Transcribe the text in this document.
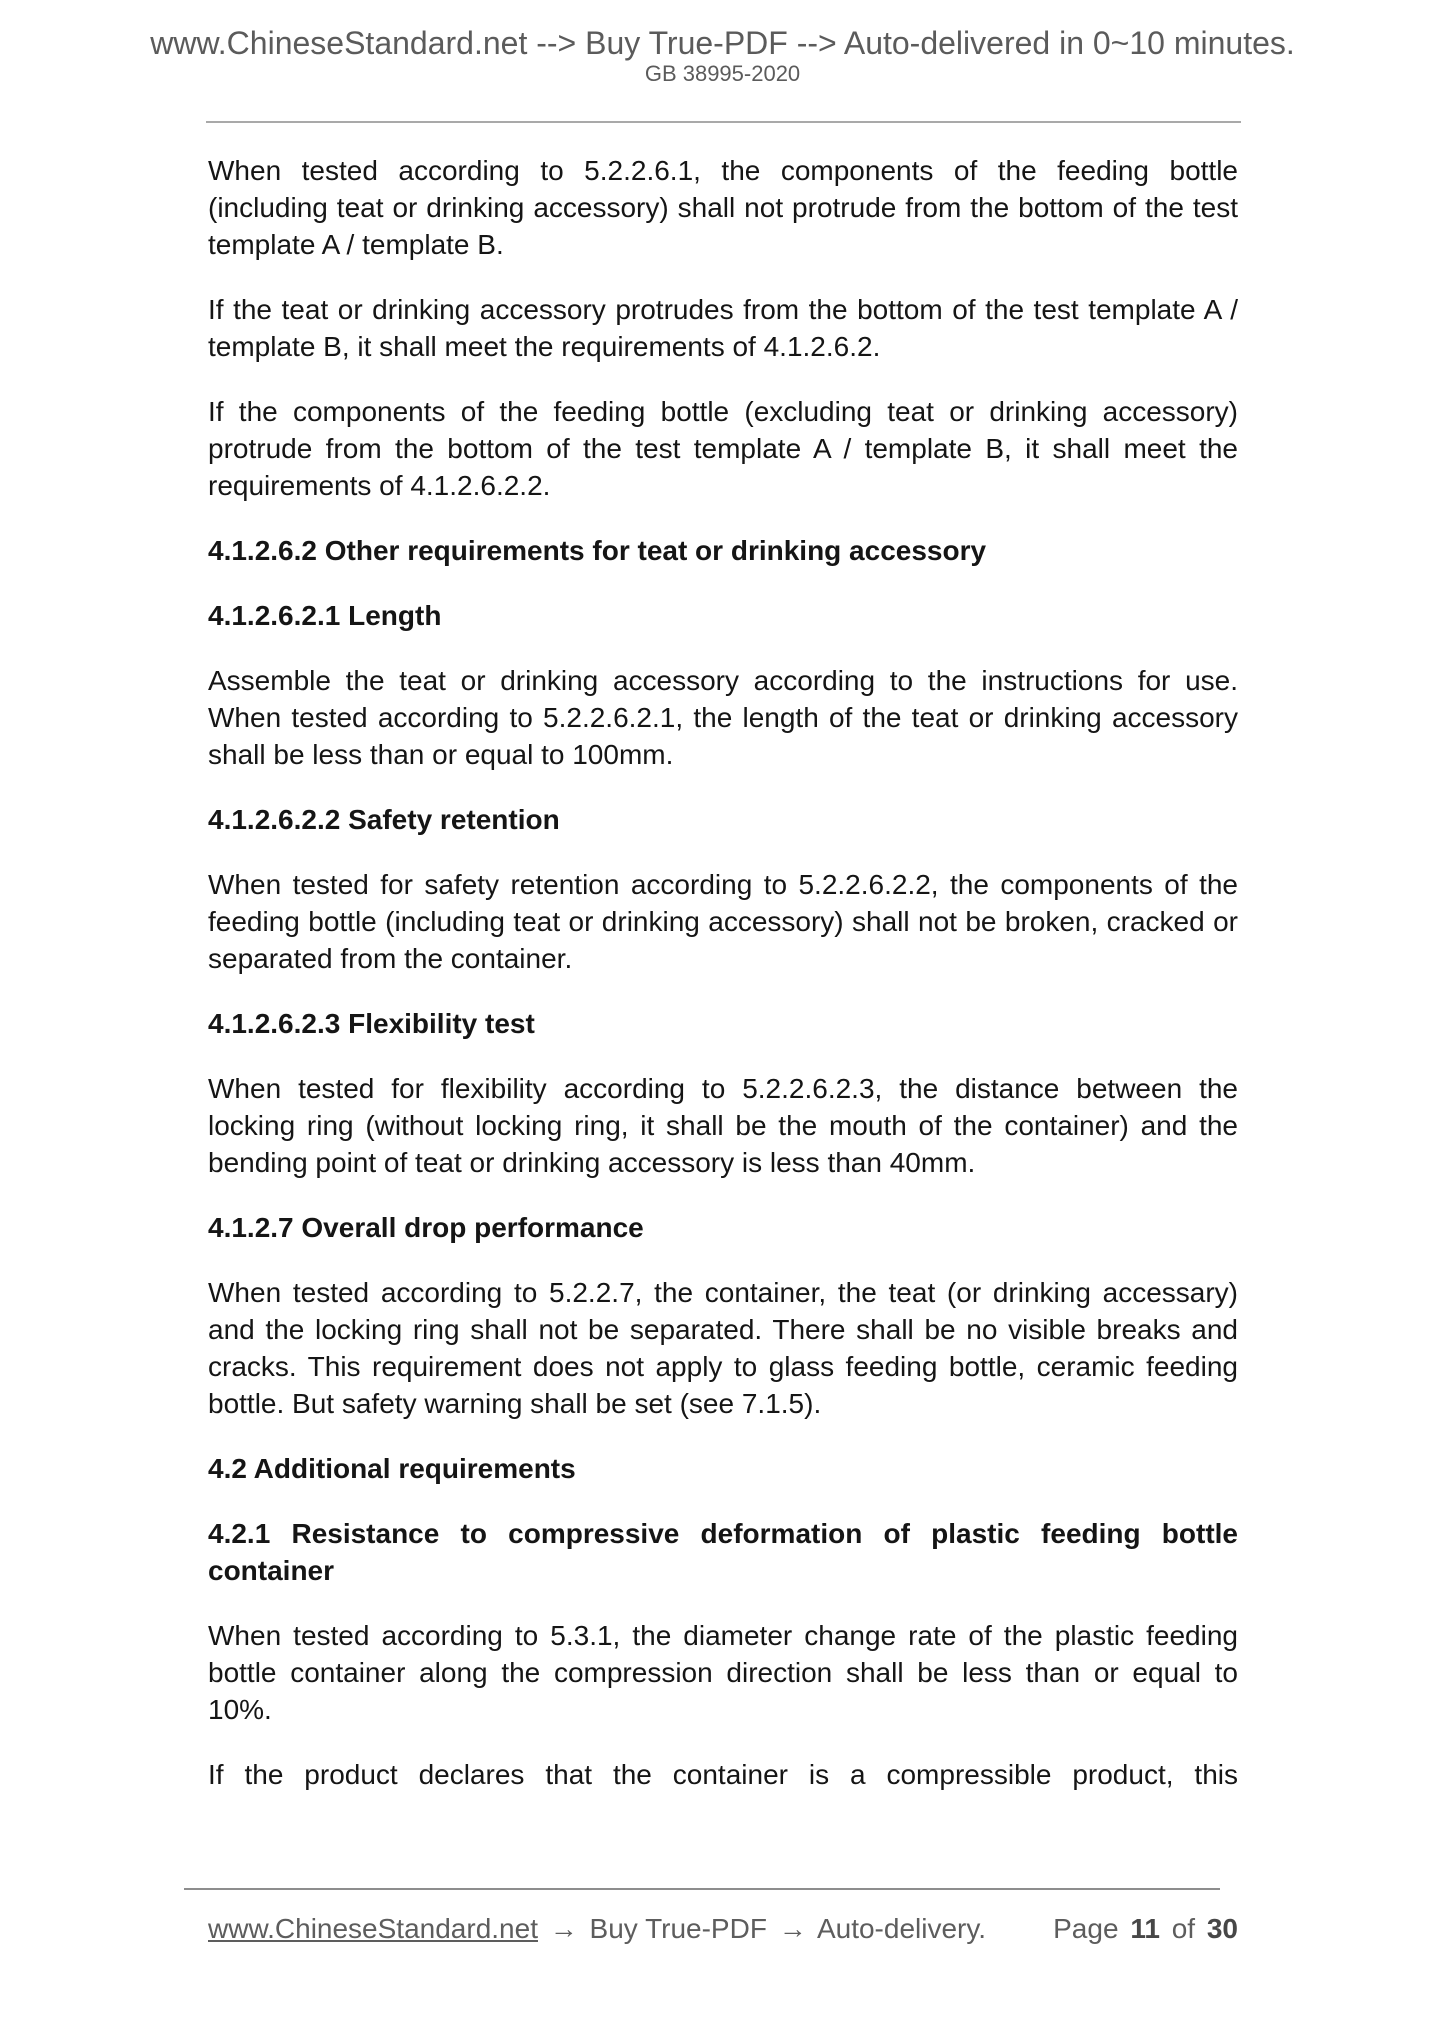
www.ChineseStandard.net --> Buy True-PDF --> Auto-delivered in 0~10 minutes.
GB 38995-2020
When tested according to 5.2.2.6.1, the components of the feeding bottle (including teat or drinking accessory) shall not protrude from the bottom of the test template A / template B.
If the teat or drinking accessory protrudes from the bottom of the test template A / template B, it shall meet the requirements of 4.1.2.6.2.
If the components of the feeding bottle (excluding teat or drinking accessory) protrude from the bottom of the test template A / template B, it shall meet the requirements of 4.1.2.6.2.2.
4.1.2.6.2 Other requirements for teat or drinking accessory
4.1.2.6.2.1 Length
Assemble the teat or drinking accessory according to the instructions for use. When tested according to 5.2.2.6.2.1, the length of the teat or drinking accessory shall be less than or equal to 100mm.
4.1.2.6.2.2 Safety retention
When tested for safety retention according to 5.2.2.6.2.2, the components of the feeding bottle (including teat or drinking accessory) shall not be broken, cracked or separated from the container.
4.1.2.6.2.3 Flexibility test
When tested for flexibility according to 5.2.2.6.2.3, the distance between the locking ring (without locking ring, it shall be the mouth of the container) and the bending point of teat or drinking accessory is less than 40mm.
4.1.2.7 Overall drop performance
When tested according to 5.2.2.7, the container, the teat (or drinking accessary) and the locking ring shall not be separated. There shall be no visible breaks and cracks. This requirement does not apply to glass feeding bottle, ceramic feeding bottle. But safety warning shall be set (see 7.1.5).
4.2 Additional requirements
4.2.1 Resistance to compressive deformation of plastic feeding bottle container
When tested according to 5.3.1, the diameter change rate of the plastic feeding bottle container along the compression direction shall be less than or equal to 10%.
If the product declares that the container is a compressible product, this
www.ChineseStandard.net → Buy True-PDF → Auto-delivery. Page 11 of 30
